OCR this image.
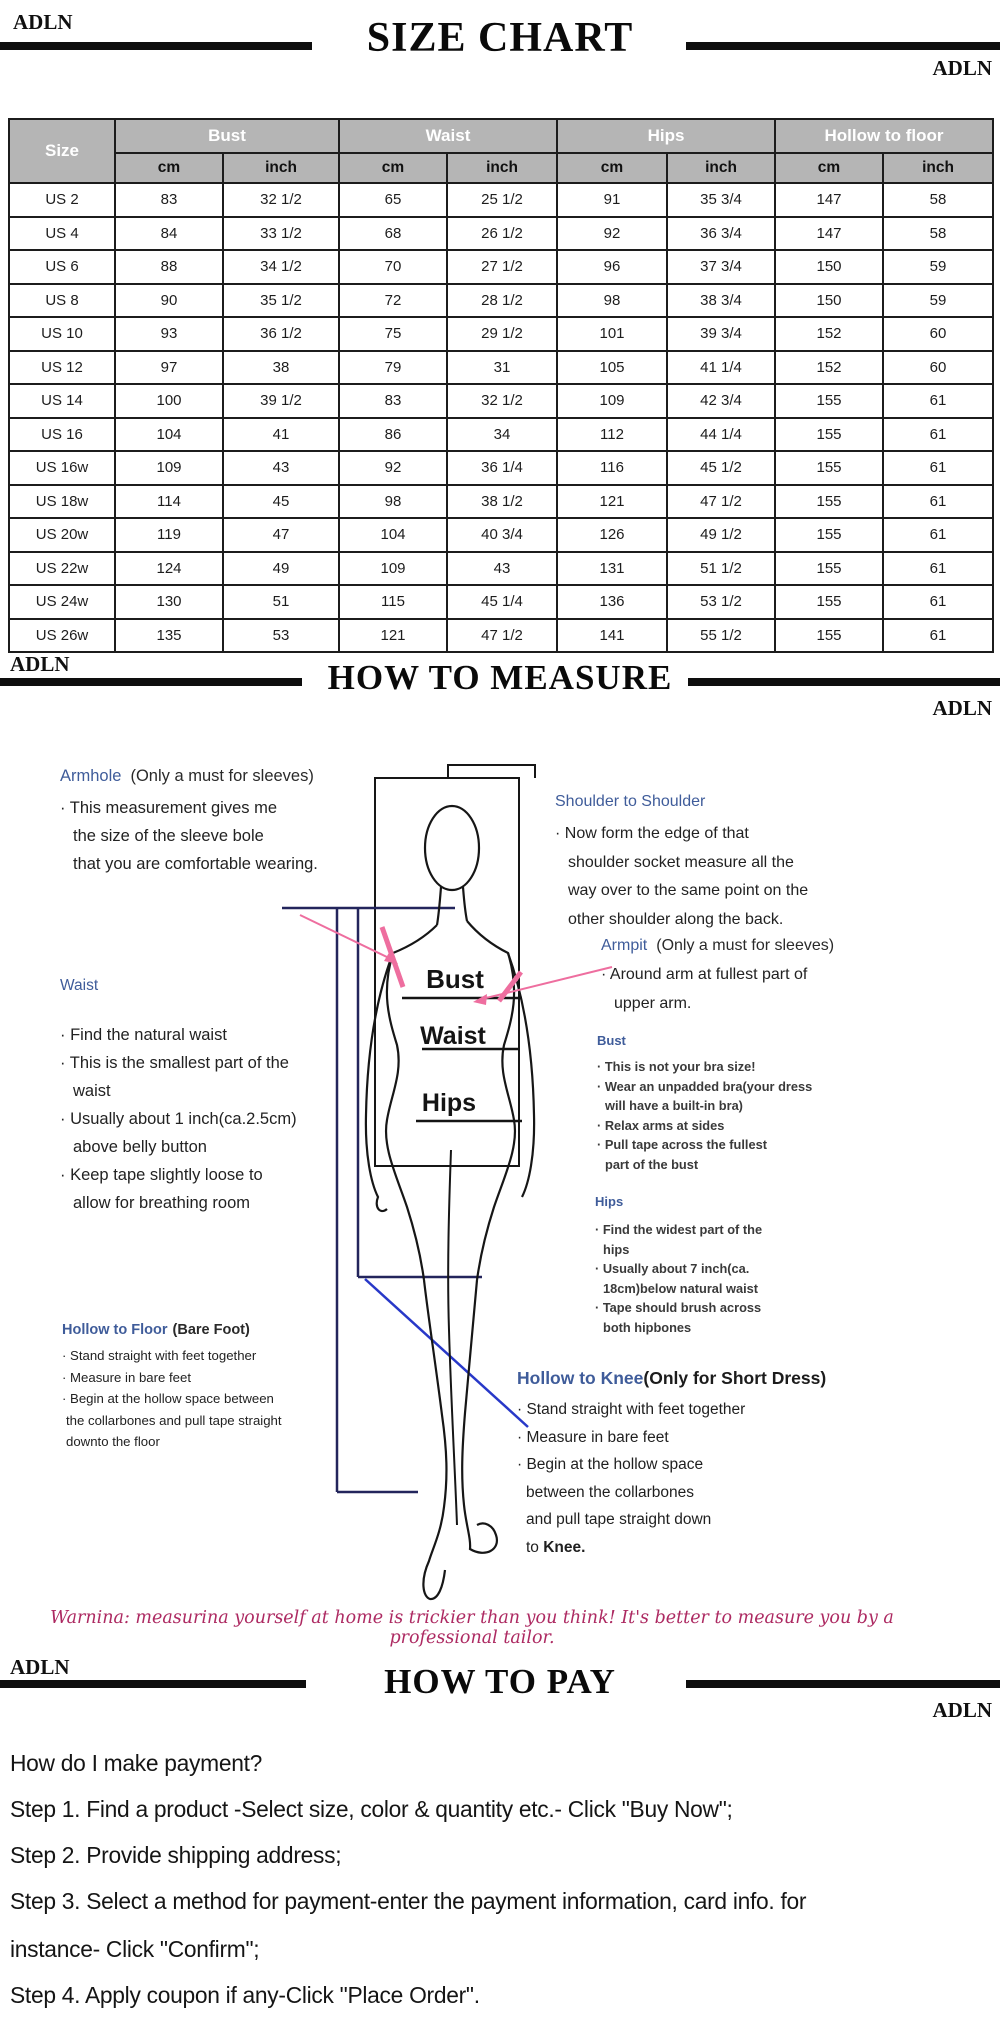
ADLN	SIZE CHART
ADLN
Size	Bust		Waist		Hips		Hollow to floor	
	cm	inch	cm	inch	cm	inch	cm	inch
US 2	83	32 1/2	65	25 1/2	91	35 3/4	147	58
US 4	84	33 1/2	68	26 1/2	92	36 3/4	147	58
US 6	88	34 1/2	70	27 1/2	96	37 3/4	150	59
US 8	90	35 1/2	72	28 1/2	98	38 3/4	150	59
US 10	93	36 1/2	75	29 1/2	101	39 3/4	152	60
US 12	97	38	79	31	105	41 1/4	152	60
US 14	100	39 1/2	83	32 1/2	109	42 3/4	155	61
US 16	104	41	86	34	112	44 1/4	155	61
US 16w	109	43	92	36 1/4	116	45 1/2	155	61
US 18w	114	45	98	38 1/2	121	47 1/2	155	61
US 20w	119	47	104	40 3/4	126	49 1/2	155	61
US 22w	124	49	109	43	131	51 1/2	155	61
US 24w	130	51	115	45 1/4	136	53 1/2	155	61
US 26w	135	53	121	47 1/2	141	55 1/2	155	61
ADLN	HOW TO MEASURE
ADLN
Bust
Waist
Hips
Armhole (Only a must for sleeves)
· This measurement gives me
the size of the sleeve bole
that you are comfortable wearing.
Waist
· Find the natural waist
· This is the smallest part of the
waist
· Usually about 1 inch(ca.2.5cm)
above belly button
· Keep tape slightly loose to
allow for breathing room
Hollow to Floor (Bare Foot)
· Stand straight with feet together
· Measure in bare feet
· Begin at the hollow space between
the collarbones and pull tape straight
downto the floor
Shoulder to Shoulder
· Now form the edge of that
shoulder socket measure all the
way over to the same point on the
other shoulder along the back.
Armpit (Only a must for sleeves)
· Around arm at fullest part of
upper arm.
Bust
· This is not your bra size!
· Wear an unpadded bra(your dress
will have a built-in bra)
· Relax arms at sides
· Pull tape across the fullest
part of the bust
Hips
· Find the widest part of the
hips
· Usually about 7 inch(ca.
18cm)below natural waist
· Tape should brush across
both hipbones
Hollow to Knee(Only for Short Dress)
· Stand straight with feet together
· Measure in bare feet
· Begin at the hollow space
between the collarbones
and pull tape straight down
to Knee.
Warnina: measurina yourself at home is trickier than you think! It's better to measure you by a professional tailor.
ADLN	HOW TO PAY
ADLN
How do I make payment?
Step 1. Find a product -Select size, color & quantity etc.- Click "Buy Now";
Step 2. Provide shipping address;
Step 3. Select a method for payment-enter the payment information, card info. for
instance- Click "Confirm";
Step 4. Apply coupon if any-Click "Place Order".
